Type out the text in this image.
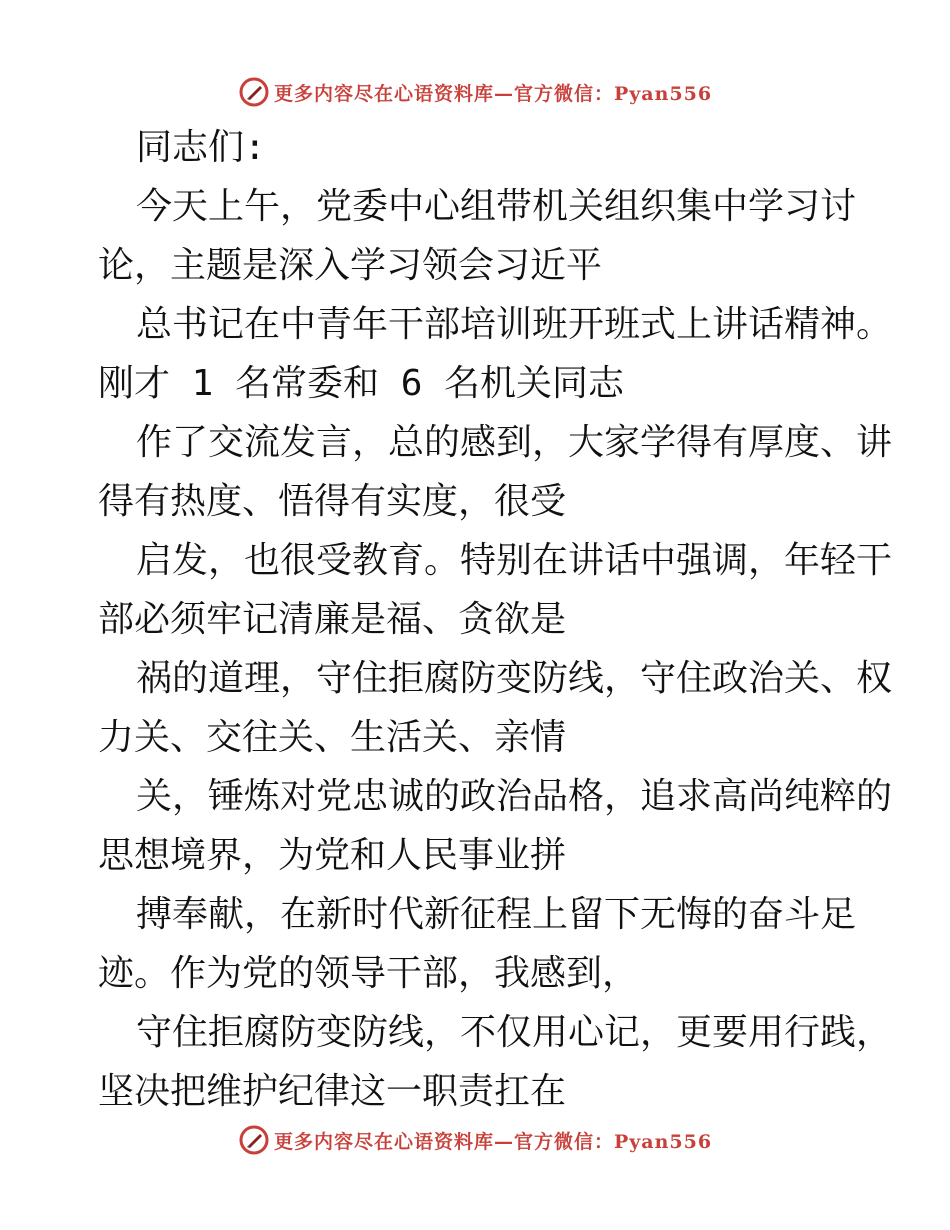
更多内容尽在心语资料库—官方微信：Pyan556
同志们:
今天上午，党委中心组带机关组织集中学习讨
论，主题是深入学习领会习近平
总书记在中青年干部培训班开班式上讲话精神。
刚才 1 名常委和 6 名机关同志
作了交流发言，总的感到，大家学得有厚度、讲
得有热度、悟得有实度，很受
启发，也很受教育。特别在讲话中强调，年轻干
部必须牢记清廉是福、贪欲是
祸的道理，守住拒腐防变防线，守住政治关、权
力关、交往关、生活关、亲情
关，锤炼对党忠诚的政治品格，追求高尚纯粹的
思想境界，为党和人民事业拼
搏奉献，在新时代新征程上留下无悔的奋斗足
迹。作为党的领导干部，我感到，
守住拒腐防变防线，不仅用心记，更要用行践，
坚决把维护纪律这一职责扛在
更多内容尽在心语资料库—官方微信：Pyan556
